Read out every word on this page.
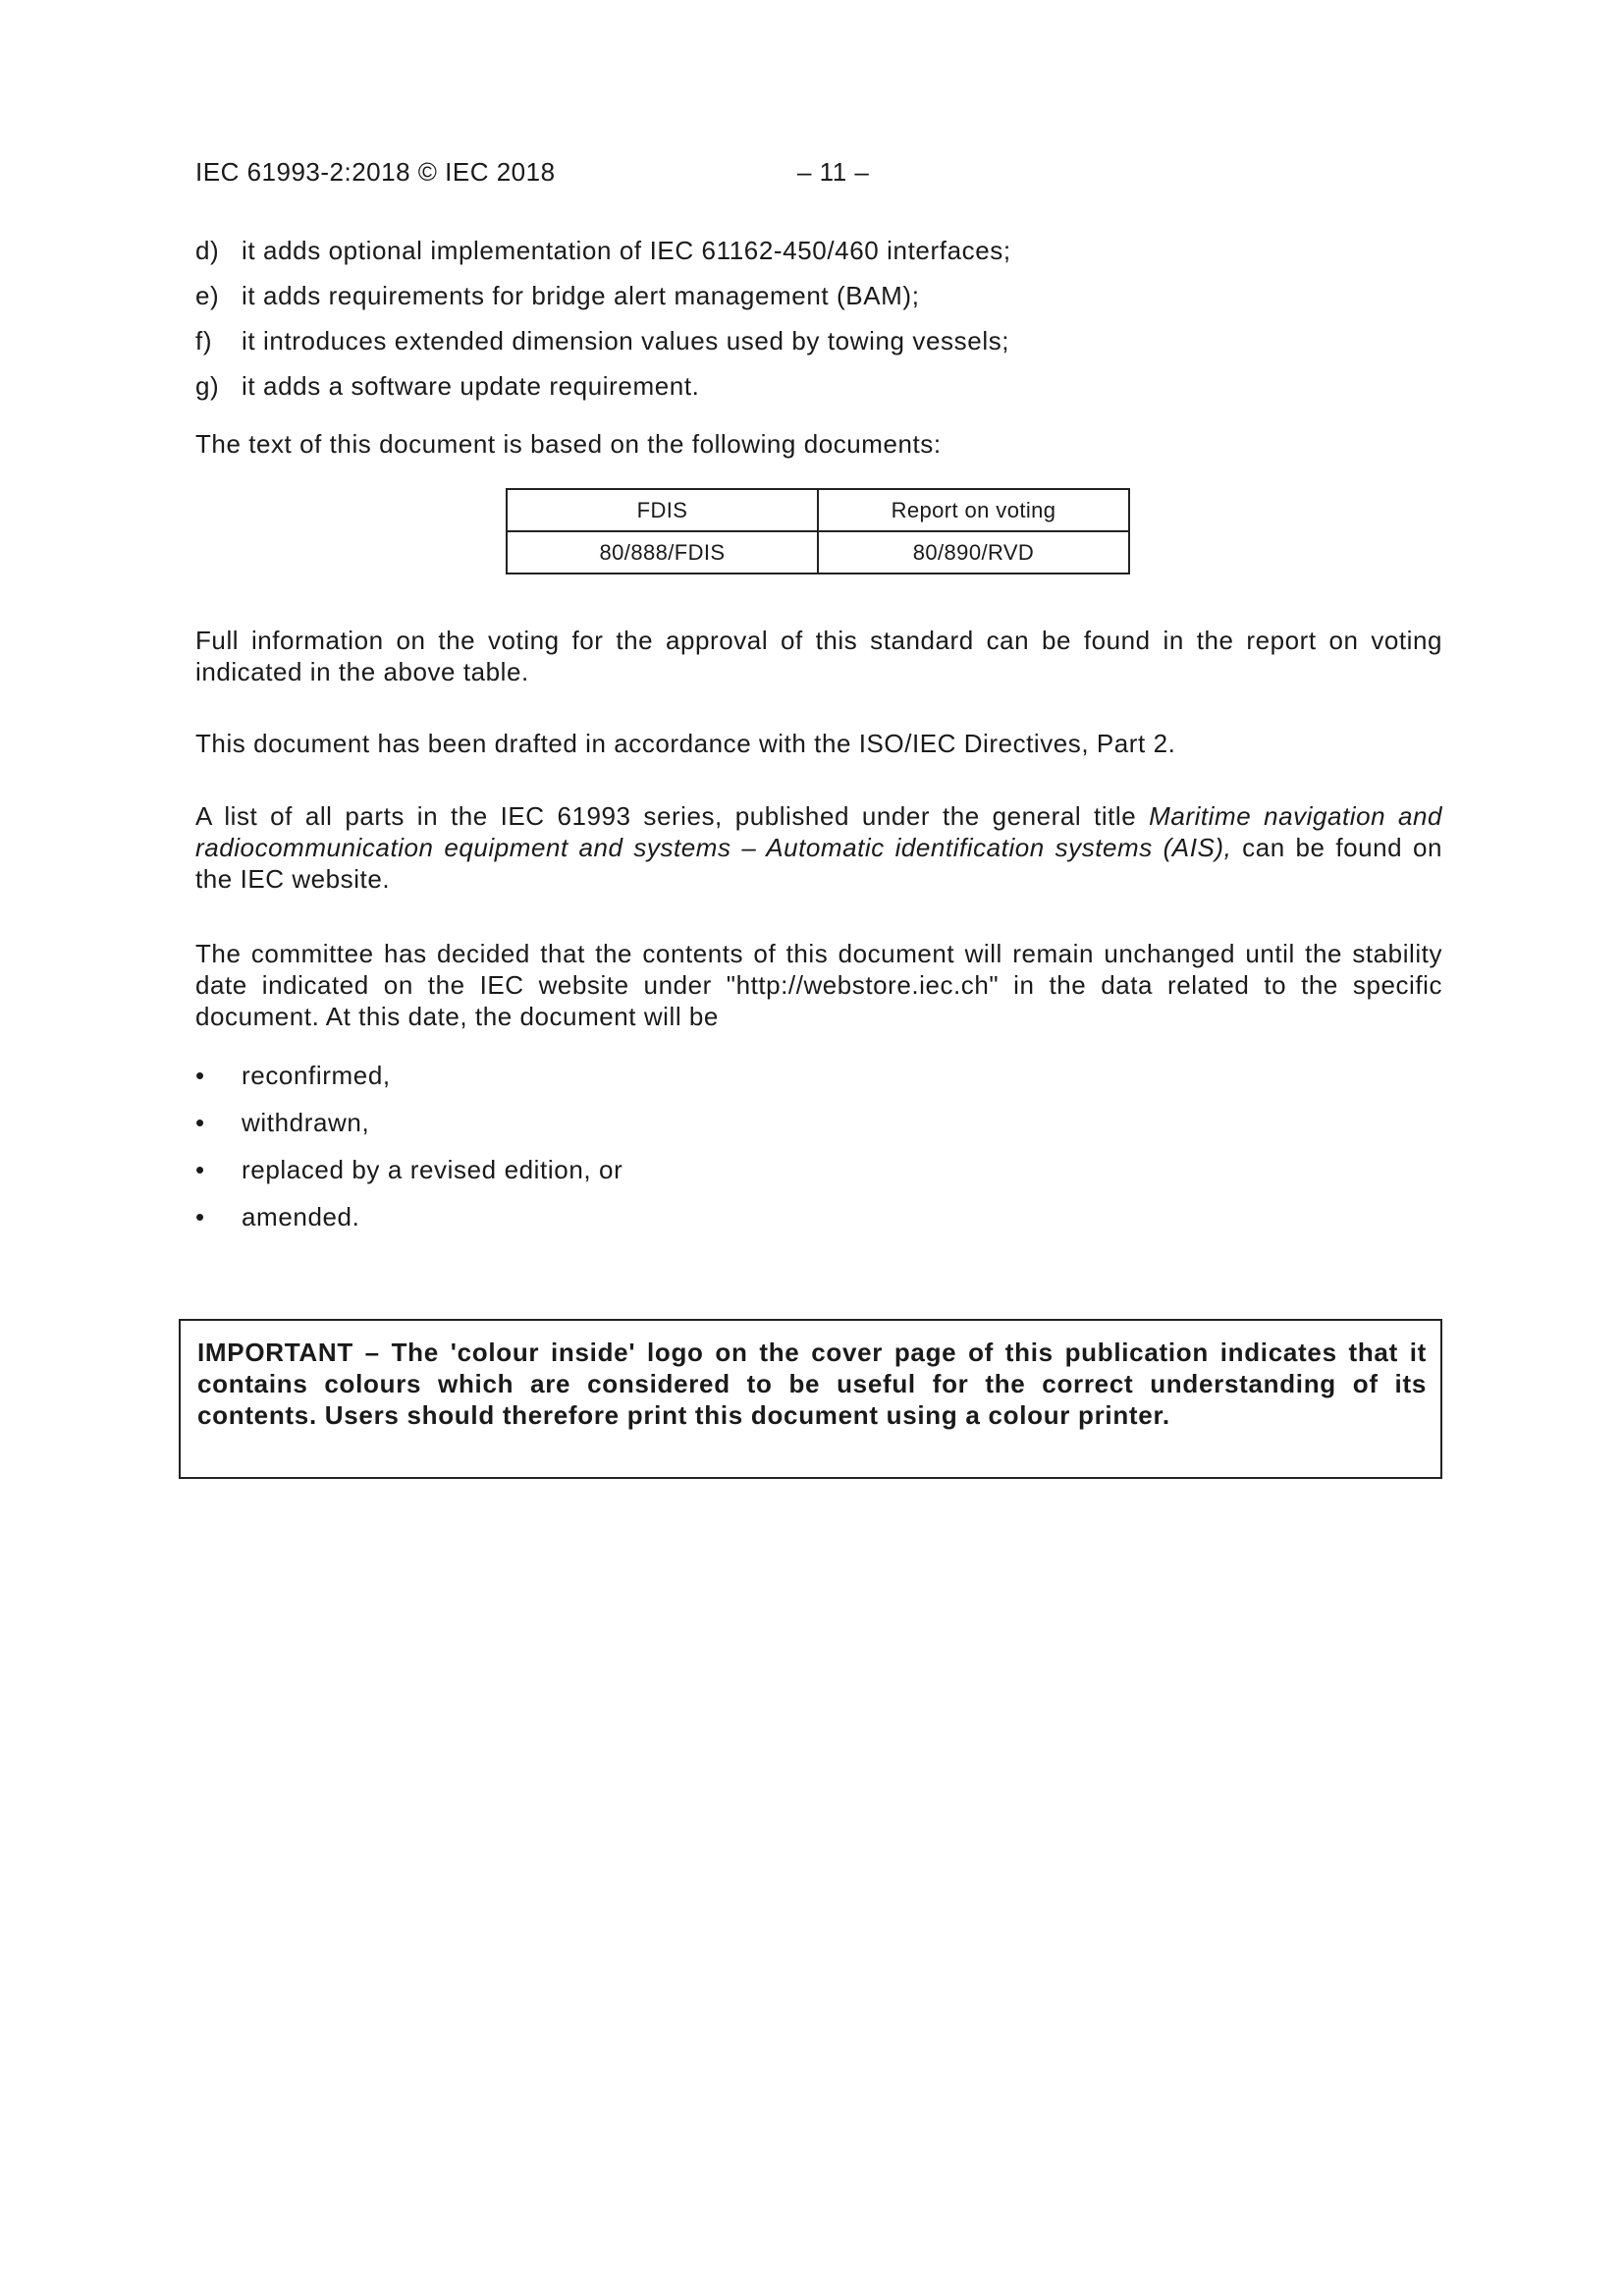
IEC 61993-2:2018 © IEC 2018	– 11 –
d) it adds optional implementation of IEC 61162-450/460 interfaces;
e) it adds requirements for bridge alert management (BAM);
f) it introduces extended dimension values used by towing vessels;
g) it adds a software update requirement.

The text of this document is based on the following documents:

FDIS	Report on voting
80/888/FDIS	80/890/RVD

Full information on the voting for the approval of this standard can be found in the report on voting indicated in the above table.

This document has been drafted in accordance with the ISO/IEC Directives, Part 2.

A list of all parts in the IEC 61993 series, published under the general title Maritime navigation and radiocommunication equipment and systems – Automatic identification systems (AIS), can be found on the IEC website.

The committee has decided that the contents of this document will remain unchanged until the stability date indicated on the IEC website under "http://webstore.iec.ch" in the data related to the specific document. At this date, the document will be

• reconfirmed,
• withdrawn,
• replaced by a revised edition, or
• amended.

IMPORTANT – The 'colour inside' logo on the cover page of this publication indicates that it contains colours which are considered to be useful for the correct understanding of its contents. Users should therefore print this document using a colour printer.
